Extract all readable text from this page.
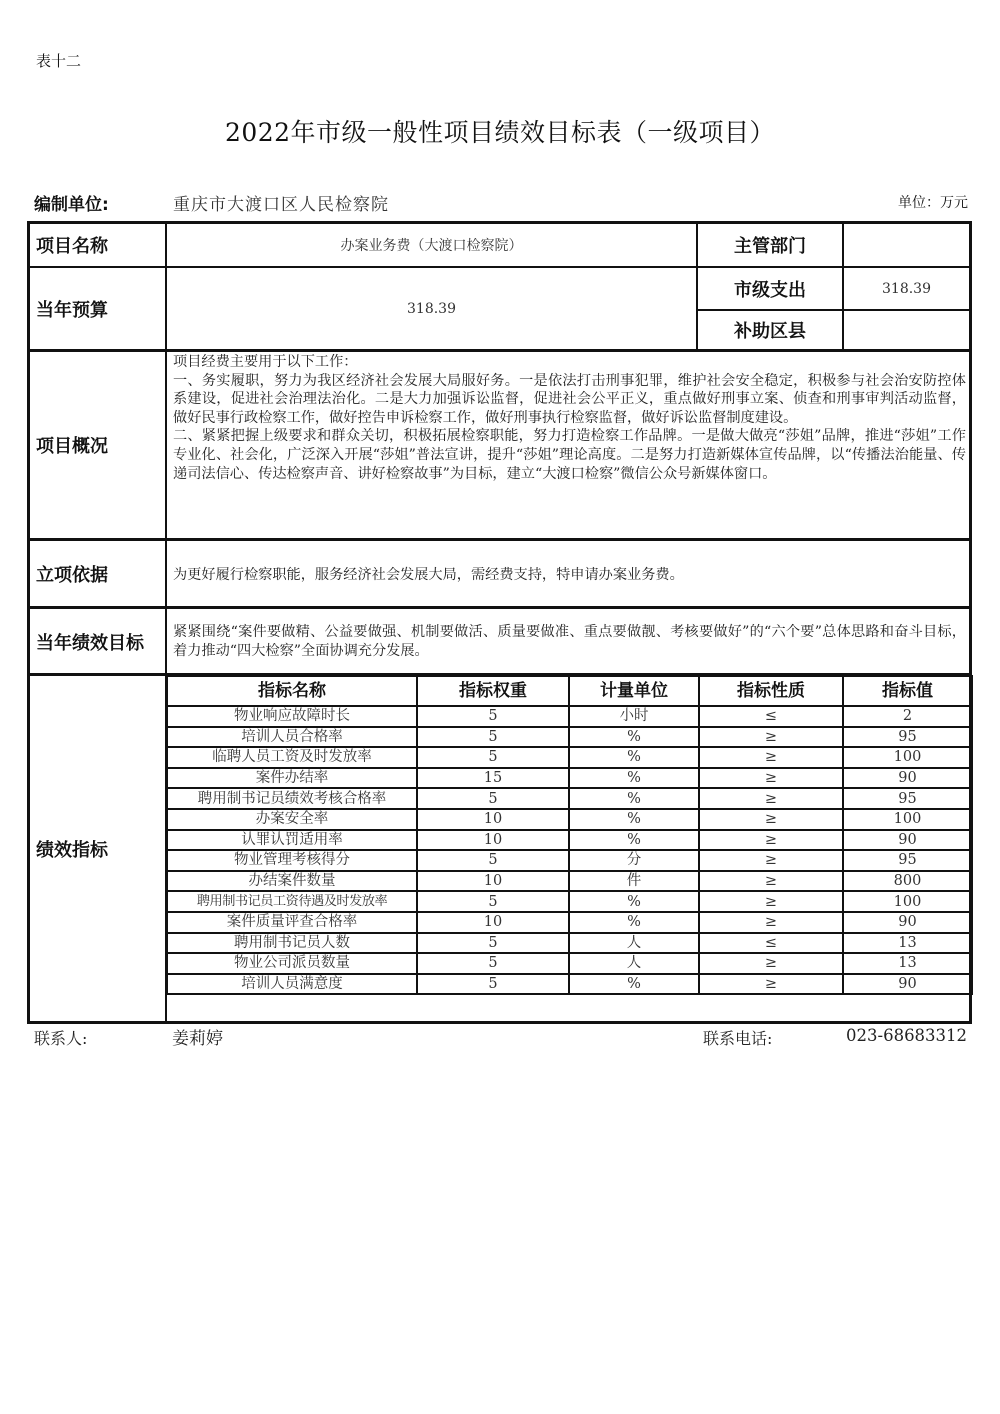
表十二
2022年市级一般性项目绩效目标表（一级项目）
编制单位:	重庆市大渡口区人民检察院	单位：万元
项目名称	办案业务费（大渡口检察院）	主管部门
当年预算	318.39
市级支出	318.39
补助区县
项目概况
项目经费主要用于以下工作：
一、务实履职，努力为我区经济社会发展大局服好务。一是依法打击刑事犯罪，维护社会安全稳定，积极参与社会治安防控体系建设，促进社会治理法治化。二是大力加强诉讼监督，促进社会公平正义，重点做好刑事立案、侦查和刑事审判活动监督，做好民事行政检察工作，做好控告申诉检察工作，做好刑事执行检察监督，做好诉讼监督制度建设。
二、紧紧把握上级要求和群众关切，积极拓展检察职能，努力打造检察工作品牌。一是做大做亮“莎姐”品牌，推进“莎姐”工作专业化、社会化，广泛深入开展“莎姐”普法宣讲，提升“莎姐”理论高度。二是努力打造新媒体宣传品牌，以“传播法治能量、传递司法信心、传达检察声音、讲好检察故事”为目标，建立“大渡口检察”微信公众号新媒体窗口。
立项依据	为更好履行检察职能，服务经济社会发展大局，需经费支持，特申请办案业务费。
当年绩效目标
紧紧围绕“案件要做精、公益要做强、机制要做活、质量要做准、重点要做靓、考核要做好”的“六个要”总体思路和奋斗目标，着力推动“四大检察”全面协调充分发展。
绩效指标
指标名称	指标权重	计量单位	指标性质	指标值
物业响应故障时长	5	小时	≤	2
培训人员合格率	5	%	≥	95
临聘人员工资及时发放率	5	%	≥	100
案件办结率	15	%	≥	90
聘用制书记员绩效考核合格率	5	%	≥	95
办案安全率	10	%	≥	100
认罪认罚适用率	10	%	≥	90
物业管理考核得分	5	分	≥	95
办结案件数量	10	件	≥	800
聘用制书记员工资待遇及时发放率	5	%	≥	100
案件质量评查合格率	10	%	≥	90
聘用制书记员人数	5	人	≤	13
物业公司派员数量	5	人	≥	13
培训人员满意度	5	%	≥	90
联系人:	姜莉婷	联系电话:	023-68683312
